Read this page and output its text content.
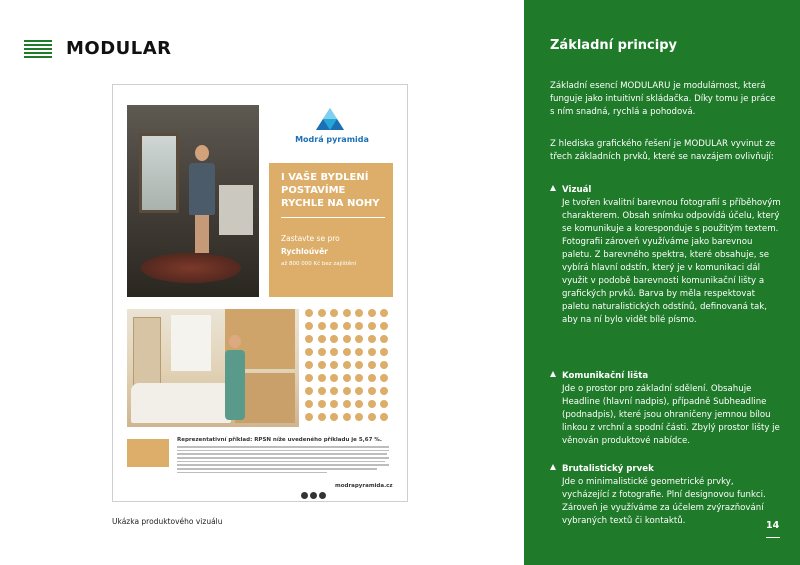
MODULAR
Modrá pyramida
I VAŠE BYDLENÍ POSTAVÍME RYCHLE NA NOHY
Zastavte se pro
Rychloúvěr
až 800 000 Kč bez zajištění
Reprezentativní příklad: RPSN níže uvedeného příkladu je 5,67 %.
modrapyramida.cz
Ukázka produktového vizuálu
Základní principy

Základní esencí MODULARU je modulárnost, která funguje jako intuitivní skládačka. Díky tomu je práce s ním snadná, rychlá a pohodová.

Z hlediska grafického řešení je MODULAR vyvinut ze třech základních prvků, které se navzájem ovlivňují:

Vizuál
Je tvořen kvalitní barevnou fotografií s příběhovým charakterem. Obsah snímku odpovídá účelu, který se komunikuje a koresponduje s použitým textem. Fotografii zároveň využíváme jako barevnou paletu. Z barevného spektra, které obsahuje, se vybírá hlavní odstín, který je v komunikaci dál využit v podobě barevnosti komunikační lišty a grafických prvků. Barva by měla respektovat paletu naturalistických odstínů, definovaná tak, aby na ní bylo vidět bílé písmo.
Komunikační lišta
Jde o prostor pro základní sdělení. Obsahuje Headline (hlavní nadpis), případně Subheadline (podnadpis), které jsou ohraničeny jemnou bílou linkou z vrchní a spodní části. Zbylý prostor lišty je věnován produktové nabídce.
Brutalistický prvek
Jde o minimalistické geometrické prvky, vycházející z fotografie. Plní designovou funkci. Zároveň je využíváme za účelem zvýrazňování vybraných textů či kontaktů.	14
